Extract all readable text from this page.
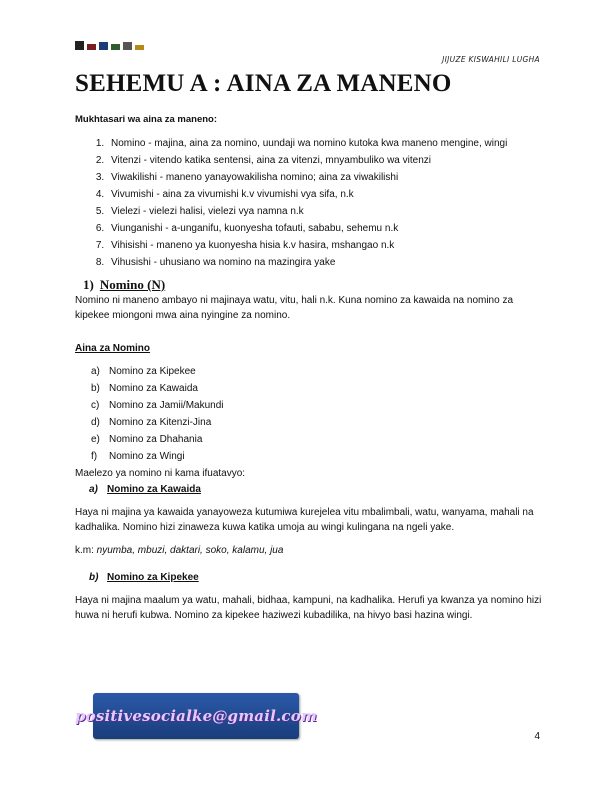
JIJUZE KISWAHILI LUGHA
SEHEMU A : AINA ZA MANENO

Mukhtasari wa aina za maneno:

1. Nomino - majina, aina za nomino, uundaji wa nomino kutoka kwa maneno mengine, wingi
2. Vitenzi - vitendo katika sentensi, aina za vitenzi, mnyambuliko wa vitenzi
3. Viwakilishi - maneno yanayowakilisha nomino; aina za viwakilishi
4. Vivumishi - aina za vivumishi k.v vivumishi vya sifa, n.k
5. Vielezi - vielezi halisi, vielezi vya namna n.k
6. Viunganishi - a-unganifu, kuonyesha tofauti, sababu, sehemu n.k
7. Vihisishi - maneno ya kuonyesha hisia k.v hasira, mshangao n.k
8. Vihusishi - uhusiano wa nomino na mazingira yake
1) Nomino (N)

Nomino ni maneno ambayo ni majinaya watu, vitu, hali n.k. Kuna nomino za kawaida na nomino za kipekee miongoni mwa aina nyingine za nomino.

Aina za Nomino

a) Nomino za Kipekee
b) Nomino za Kawaida
c) Nomino za Jamii/Makundi
d) Nomino za Kitenzi-Jina
e) Nomino za Dhahania
f) Nomino za Wingi

Maelezo ya nomino ni kama ifuatavyo:

a) Nomino za Kawaida

Haya ni majina ya kawaida yanayoweza kutumiwa kurejelea vitu mbalimbali, watu, wanyama, mahali na kadhalika. Nomino hizi zinaweza kuwa katika umoja au wingi kulingana na ngeli yake.

k.m: nyumba, mbuzi, daktari, soko, kalamu, jua

b) Nomino za Kipekee

Haya ni majina maalum ya watu, mahali, bidhaa, kampuni, na kadhalika. Herufi ya kwanza ya nomino hizi huwa ni herufi kubwa. Nomino za kipekee haziwezi kubadilika, na hivyo basi hazina wingi.

positivesocialke@gmail.com
4
